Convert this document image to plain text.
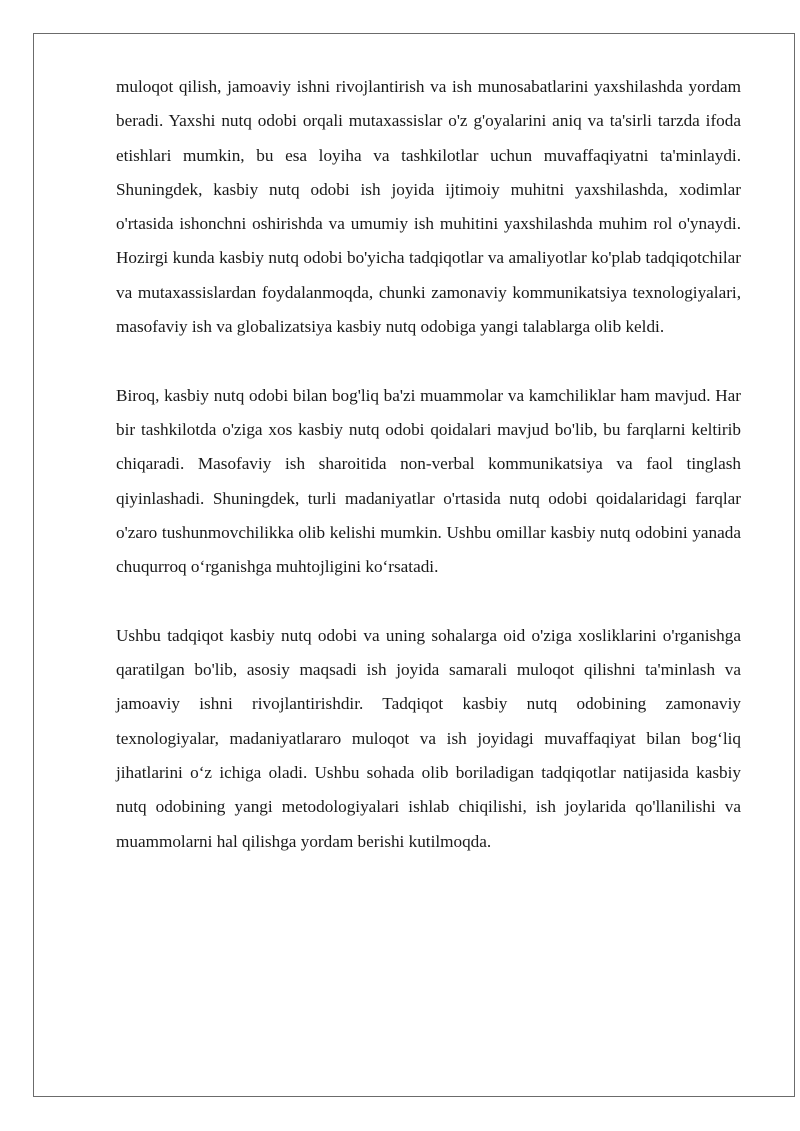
muloqot qilish, jamoaviy ishni rivojlantirish va ish munosabatlarini yaxshilashda yordam beradi. Yaxshi nutq odobi orqali mutaxassislar o'z g'oyalarini aniq va ta'sirli tarzda ifoda etishlari mumkin, bu esa loyiha va tashkilotlar uchun muvaffaqiyatni ta'minlaydi. Shuningdek, kasbiy nutq odobi ish joyida ijtimoiy muhitni yaxshilashda, xodimlar o'rtasida ishonchni oshirishda va umumiy ish muhitini yaxshilashda muhim rol o'ynaydi. Hozirgi kunda kasbiy nutq odobi bo'yicha tadqiqotlar va amaliyotlar ko'plab tadqiqotchilar va mutaxassislardan foydalanmoqda, chunki zamonaviy kommunikatsiya texnologiyalari, masofaviy ish va globalizatsiya kasbiy nutq odobiga yangi talablarga olib keldi.

Biroq, kasbiy nutq odobi bilan bog'liq ba'zi muammolar va kamchiliklar ham mavjud. Har bir tashkilotda o'ziga xos kasbiy nutq odobi qoidalari mavjud bo'lib, bu farqlarni keltirib chiqaradi. Masofaviy ish sharoitida non-verbal kommunikatsiya va faol tinglash qiyinlashadi. Shuningdek, turli madaniyatlar o'rtasida nutq odobi qoidalaridagi farqlar o'zaro tushunmovchilikka olib kelishi mumkin. Ushbu omillar kasbiy nutq odobini yanada chuqurroq o‘rganishga muhtojligini ko‘rsatadi.

Ushbu tadqiqot kasbiy nutq odobi va uning sohalarga oid o'ziga xosliklarini o'rganishga qaratilgan bo'lib, asosiy maqsadi ish joyida samarali muloqot qilishni ta'minlash va jamoaviy ishni rivojlantirishdir. Tadqiqot kasbiy nutq odobining zamonaviy texnologiyalar, madaniyatlararo muloqot va ish joyidagi muvaffaqiyat bilan bog‘liq jihatlarini o‘z ichiga oladi. Ushbu sohada olib boriladigan tadqiqotlar natijasida kasbiy nutq odobining yangi metodologiyalari ishlab chiqilishi, ish joylarida qo'llanilishi va muammolarni hal qilishga yordam berishi kutilmoqda.
